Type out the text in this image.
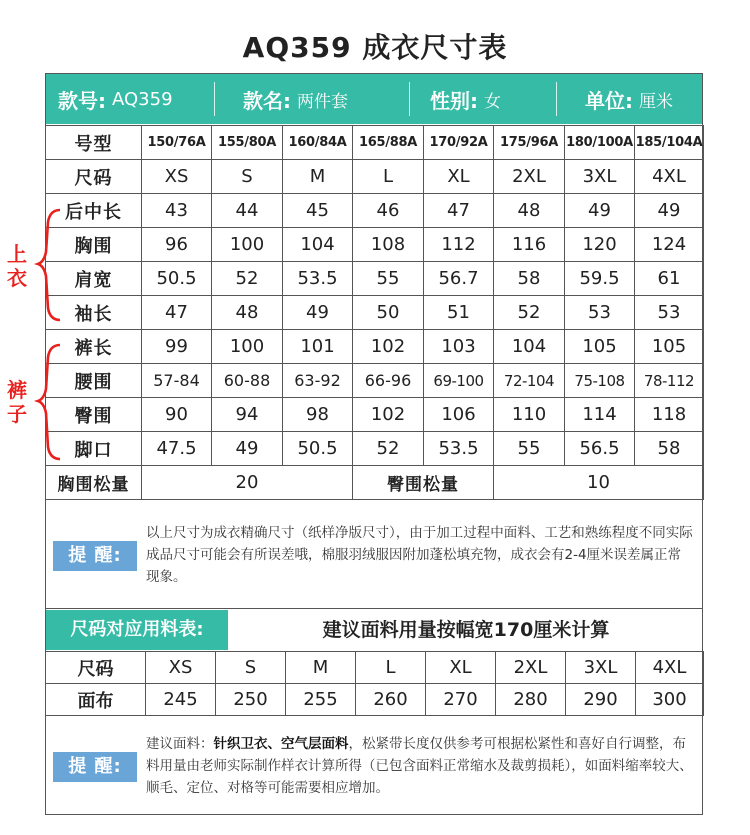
AQ359 成衣尺寸表
款号: AQ359	款名: 两件套	性别: 女	单位: 厘米
号型	150/76A	155/80A	160/84A	165/88A	170/92A	175/96A	180/100A	185/104A
尺码	XS	S	M	L	XL	2XL	3XL	4XL
后中长	43	44	45	46	47	48	49	49
胸围	96	100	104	108	112	116	120	124
肩宽	50.5	52	53.5	55	56.7	58	59.5	61
袖长	47	48	49	50	51	52	53	53
裤长	99	100	101	102	103	104	105	105
腰围	57-84	60-88	63-92	66-96	69-100	72-104	75-108	78-112
臀围	90	94	98	102	106	110	114	118
脚口	47.5	49	50.5	52	53.5	55	56.5	58
胸围松量	20			臀围松量		10		
上衣
裤子
提 醒:
以上尺寸为成衣精确尺寸（纸样净版尺寸），由于加工过程中面料、工艺和熟练程度不同实际成品尺寸可能会有所误差哦，棉服羽绒服因附加蓬松填充物，成衣会有2-4厘米误差属正常现象。
尺码对应用料表:	建议面料用量按幅宽170厘米计算
尺码	XS	S	M	L	XL	2XL	3XL	4XL
面布	245	250	255	260	270	280	290	300
提 醒:
建议面料：针织卫衣、空气层面料，松紧带长度仅供参考可根据松紧性和喜好自行调整，布料用量由老师实际制作样衣计算所得（已包含面料正常缩水及裁剪损耗），如面料缩率较大、顺毛、定位、对格等可能需要相应增加。
